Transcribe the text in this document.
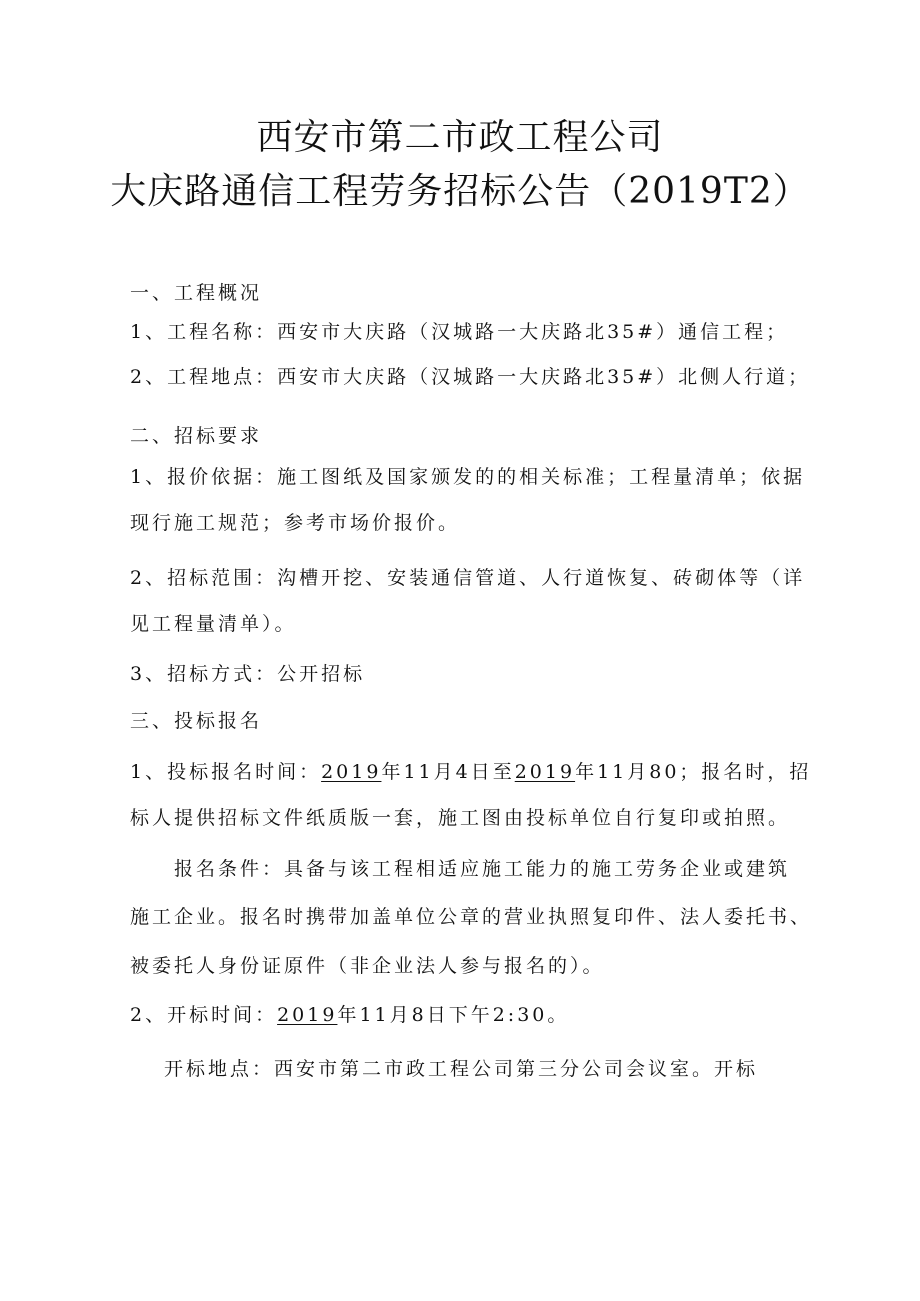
西安市第二市政工程公司
大庆路通信工程劳务招标公告（2019T2）
一、工程概况
1、工程名称：西安市大庆路（汉城路一大庆路北35#）通信工程；
2、工程地点：西安市大庆路（汉城路一大庆路北35#）北侧人行道；
二、招标要求
1、报价依据：施工图纸及国家颁发的的相关标准；工程量清单；依据
现行施工规范；参考市场价报价。
2、招标范围：沟槽开挖、安装通信管道、人行道恢复、砖砌体等（详
见工程量清单）。
3、招标方式：公开招标
三、投标报名
1、投标报名时间：2019年11月4日至2019年11月80；报名时，招
标人提供招标文件纸质版一套，施工图由投标单位自行复印或拍照。
报名条件：具备与该工程相适应施工能力的施工劳务企业或建筑
施工企业。报名时携带加盖单位公章的营业执照复印件、法人委托书、
被委托人身份证原件（非企业法人参与报名的）。
2、开标时间：2019年11月8日下午2:30。
开标地点：西安市第二市政工程公司第三分公司会议室。开标
